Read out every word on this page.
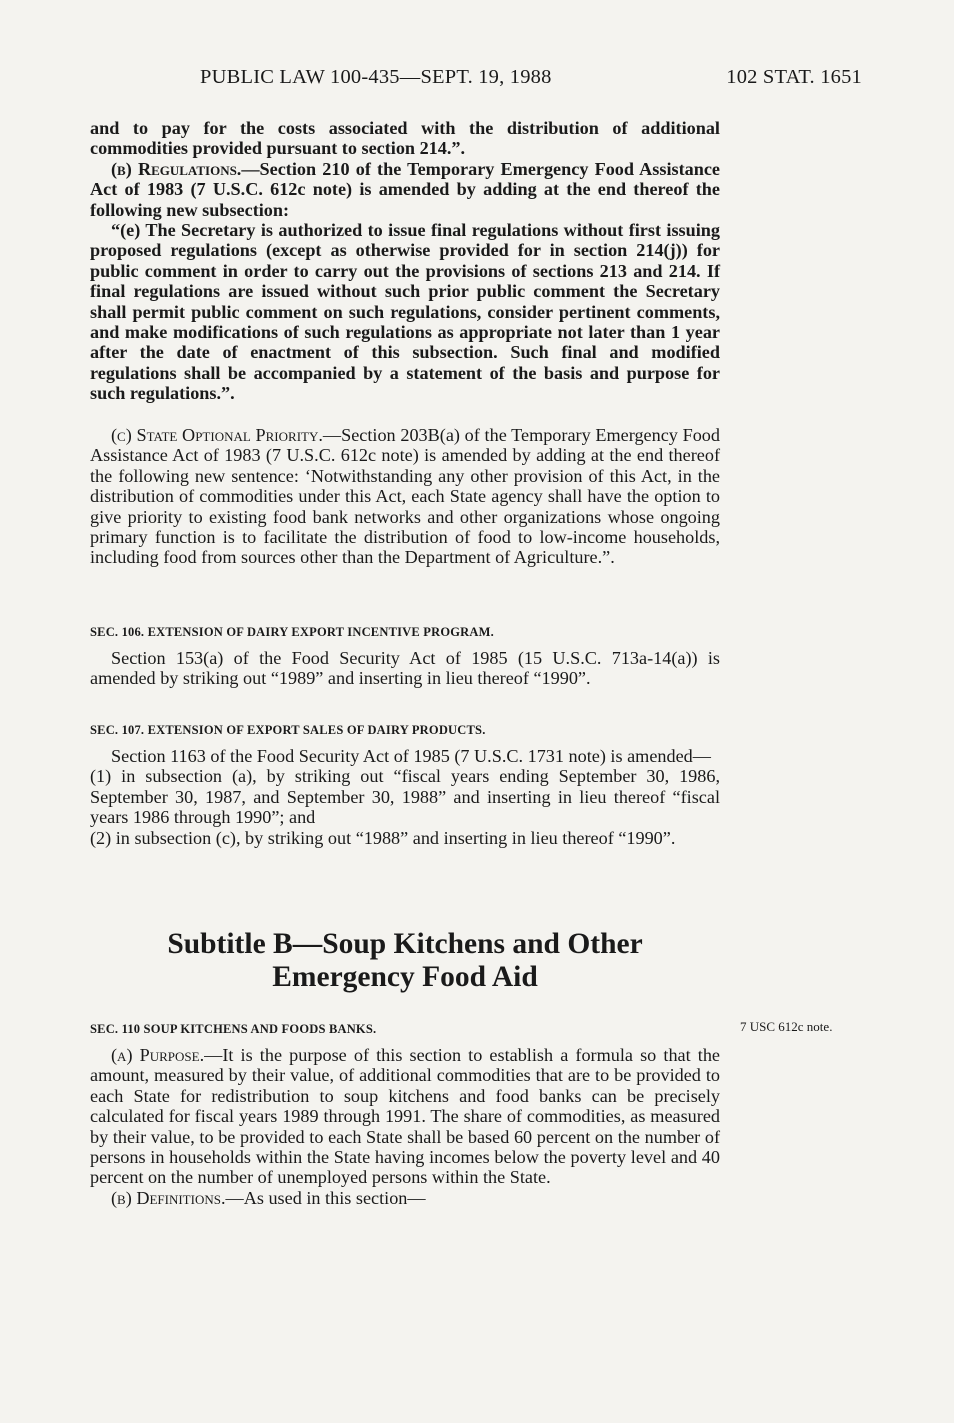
PUBLIC LAW 100-435—SEPT. 19, 1988	102 STAT. 1651

and to pay for the costs associated with the distribution of additional commodities provided pursuant to section 214.”.

(b) Regulations.—Section 210 of the Temporary Emergency Food Assistance Act of 1983 (7 U.S.C. 612c note) is amended by adding at the end thereof the following new subsection:

“(e) The Secretary is authorized to issue final regulations without first issuing proposed regulations (except as otherwise provided for in section 214(j)) for public comment in order to carry out the provisions of sections 213 and 214. If final regulations are issued without such prior public comment the Secretary shall permit public comment on such regulations, consider pertinent comments, and make modifications of such regulations as appropriate not later than 1 year after the date of enactment of this subsection. Such final and modified regulations shall be accompanied by a statement of the basis and purpose for such regulations.”.

(c) State Optional Priority.—Section 203B(a) of the Temporary Emergency Food Assistance Act of 1983 (7 U.S.C. 612c note) is amended by adding at the end thereof the following new sentence: ‘Notwithstanding any other provision of this Act, in the distribution of commodities under this Act, each State agency shall have the option to give priority to existing food bank networks and other organizations whose ongoing primary function is to facilitate the distribution of food to low-income households, including food from sources other than the Department of Agriculture.”.

SEC. 106. EXTENSION OF DAIRY EXPORT INCENTIVE PROGRAM.

Section 153(a) of the Food Security Act of 1985 (15 U.S.C. 713a-14(a)) is amended by striking out “1989” and inserting in lieu thereof “1990”.

SEC. 107. EXTENSION OF EXPORT SALES OF DAIRY PRODUCTS.

Section 1163 of the Food Security Act of 1985 (7 U.S.C. 1731 note) is amended—

(1) in subsection (a), by striking out “fiscal years ending September 30, 1986, September 30, 1987, and September 30, 1988” and inserting in lieu thereof “fiscal years 1986 through 1990”; and

(2) in subsection (c), by striking out “1988” and inserting in lieu thereof “1990”.

Subtitle B—Soup Kitchens and Other
Emergency Food Aid

SEC. 110 SOUP KITCHENS AND FOODS BANKS.	7 USC 612c note.

(a) Purpose.—It is the purpose of this section to establish a formula so that the amount, measured by their value, of additional commodities that are to be provided to each State for redistribution to soup kitchens and food banks can be precisely calculated for fiscal years 1989 through 1991. The share of commodities, as measured by their value, to be provided to each State shall be based 60 percent on the number of persons in households within the State having incomes below the poverty level and 40 percent on the number of unemployed persons within the State.

(b) Definitions.—As used in this section—
